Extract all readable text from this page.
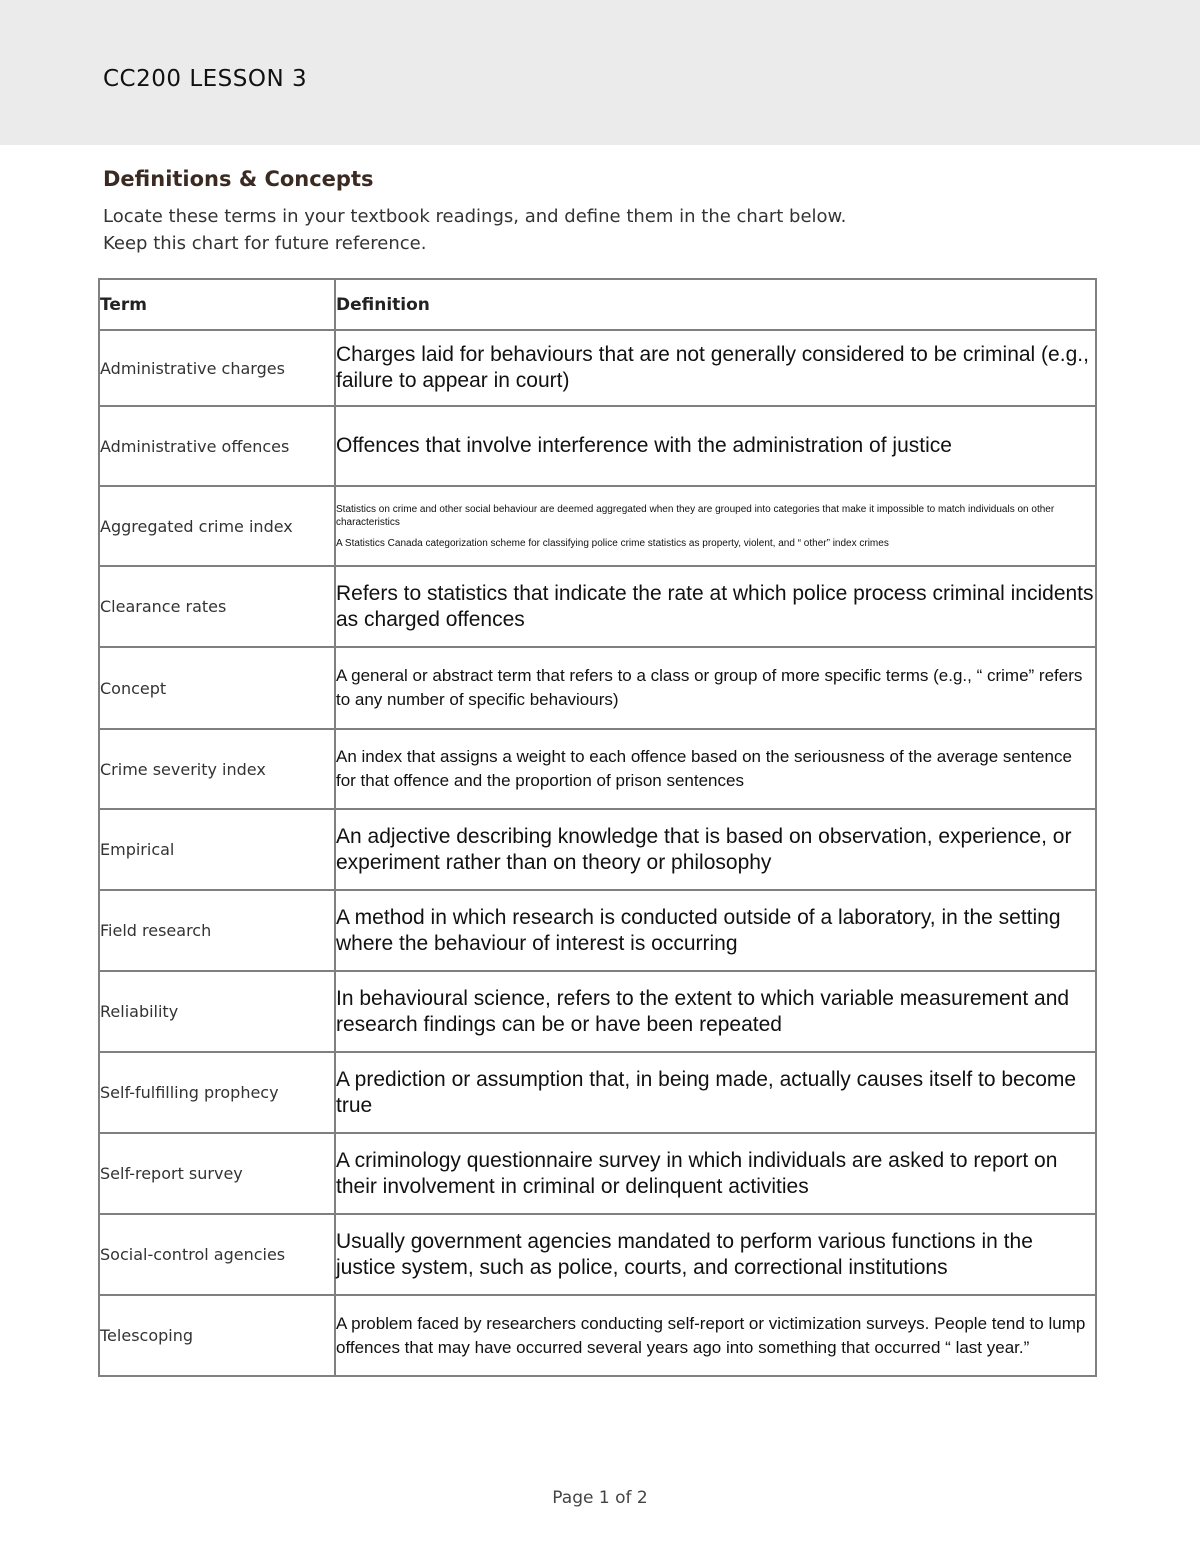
CC200 LESSON 3
Definitions & Concepts
Locate these terms in your textbook readings, and define them in the chart below.
Keep this chart for future reference.
Term	Definition
Administrative charges	Charges laid for behaviours that are not generally considered to be criminal (e.g., failure to appear in court)
Administrative offences	Offences that involve interference with the administration of justice
Aggregated crime index	Statistics on crime and other social behaviour are deemed aggregated when they are grouped into categories that make it impossible to match individuals on other characteristics
A Statistics Canada categorization scheme for classifying police crime statistics as property, violent, and “ other” index crimes

Clearance rates	Refers to statistics that indicate the rate at which police process criminal incidents as charged offences
Concept	A general or abstract term that refers to a class or group of more specific terms (e.g., “ crime” refers to any number of specific behaviours)
Crime severity index	An index that assigns a weight to each offence based on the seriousness of the average sentence for that offence and the proportion of prison sentences
Empirical	An adjective describing knowledge that is based on observation, experience, or experiment rather than on theory or philosophy
Field research	A method in which research is conducted outside of a laboratory, in the setting where the behaviour of interest is occurring
Reliability	In behavioural science, refers to the extent to which variable measurement and research findings can be or have been repeated
Self-fulfilling prophecy	A prediction or assumption that, in being made, actually causes itself to become true
Self-report survey	A criminology questionnaire survey in which individuals are asked to report on their involvement in criminal or delinquent activities
Social-control agencies	Usually government agencies mandated to perform various functions in the justice system, such as police, courts, and correctional institutions
Telescoping	A problem faced by researchers conducting self-report or victimization surveys. People tend to lump offences that may have occurred several years ago into something that occurred “ last year.”
Page 1 of 2
